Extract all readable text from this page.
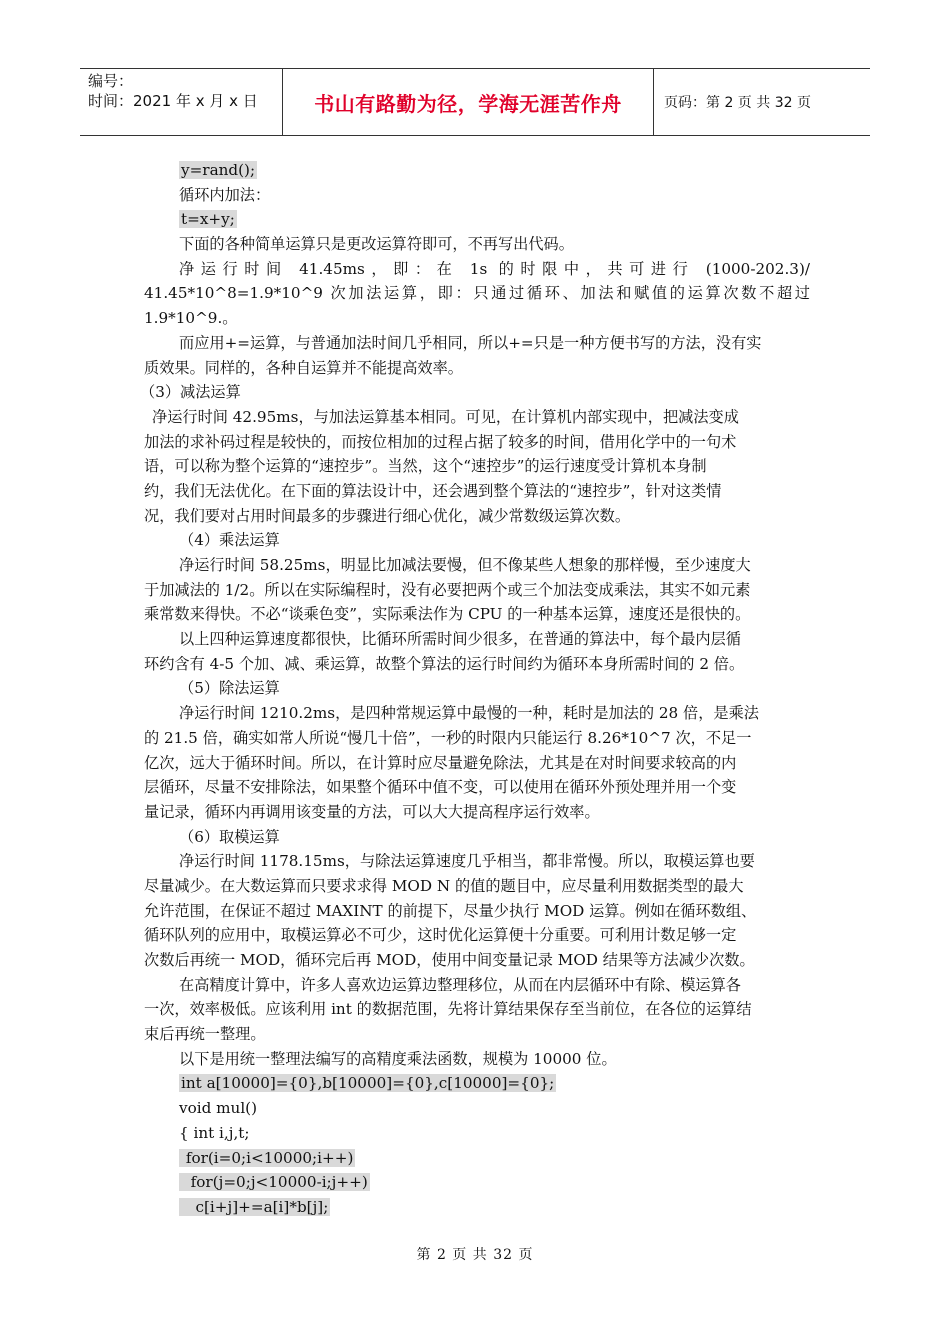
编号：
时间：2021 年 x 月 x 日	书山有路勤为径，学海无涯苦作舟	页码：第 2 页 共 32 页
y=rand();
循环内加法：
t=x+y;
下面的各种简单运算只是更改运算符即可，不再写出代码。
净运行时间 41.45ms，即：在 1s 的时限中，共可进行 (1000-202.3)/
41.45*10^8=1.9*10^9 次加法运算，即：只通过循环、加法和赋值的运算次数不超过
1.9*10^9.。
而应用+=运算，与普通加法时间几乎相同，所以+=只是一种方便书写的方法，没有实
质效果。同样的，各种自运算并不能提高效率。
（3）减法运算
净运行时间 42.95ms，与加法运算基本相同。可见，在计算机内部实现中，把减法变成
加法的求补码过程是较快的，而按位相加的过程占据了较多的时间，借用化学中的一句术
语，可以称为整个运算的“速控步”。当然，这个“速控步”的运行速度受计算机本身制
约，我们无法优化。在下面的算法设计中，还会遇到整个算法的“速控步”，针对这类情
况，我们要对占用时间最多的步骤进行细心优化，减少常数级运算次数。
（4）乘法运算
净运行时间 58.25ms，明显比加减法要慢，但不像某些人想象的那样慢，至少速度大
于加减法的 1/2。所以在实际编程时，没有必要把两个或三个加法变成乘法，其实不如元素
乘常数来得快。不必“谈乘色变”，实际乘法作为 CPU 的一种基本运算，速度还是很快的。
以上四种运算速度都很快，比循环所需时间少很多，在普通的算法中，每个最内层循
环约含有 4-5 个加、减、乘运算，故整个算法的运行时间约为循环本身所需时间的 2 倍。
（5）除法运算
净运行时间 1210.2ms，是四种常规运算中最慢的一种，耗时是加法的 28 倍，是乘法
的 21.5 倍，确实如常人所说“慢几十倍”，一秒的时限内只能运行 8.26*10^7 次，不足一
亿次，远大于循环时间。所以，在计算时应尽量避免除法，尤其是在对时间要求较高的内
层循环，尽量不安排除法，如果整个循环中值不变，可以使用在循环外预处理并用一个变
量记录，循环内再调用该变量的方法，可以大大提高程序运行效率。
（6）取模运算
净运行时间 1178.15ms，与除法运算速度几乎相当，都非常慢。所以，取模运算也要
尽量减少。在大数运算而只要求求得 MOD N 的值的题目中，应尽量利用数据类型的最大
允许范围，在保证不超过 MAXINT 的前提下，尽量少执行 MOD 运算。例如在循环数组、
循环队列的应用中，取模运算必不可少，这时优化运算便十分重要。可利用计数足够一定
次数后再统一 MOD，循环完后再 MOD，使用中间变量记录 MOD 结果等方法减少次数。
在高精度计算中，许多人喜欢边运算边整理移位，从而在内层循环中有除、模运算各
一次，效率极低。应该利用 int 的数据范围，先将计算结果保存至当前位，在各位的运算结
束后再统一整理。
以下是用统一整理法编写的高精度乘法函数，规模为 10000 位。
int a[10000]={0},b[10000]={0},c[10000]={0};
void mul()
{ int i,j,t;
for(i=0;i<10000;i++)
for(j=0;j<10000-i;j++)
c[i+j]+=a[i]*b[j];
第 2 页 共 32 页
